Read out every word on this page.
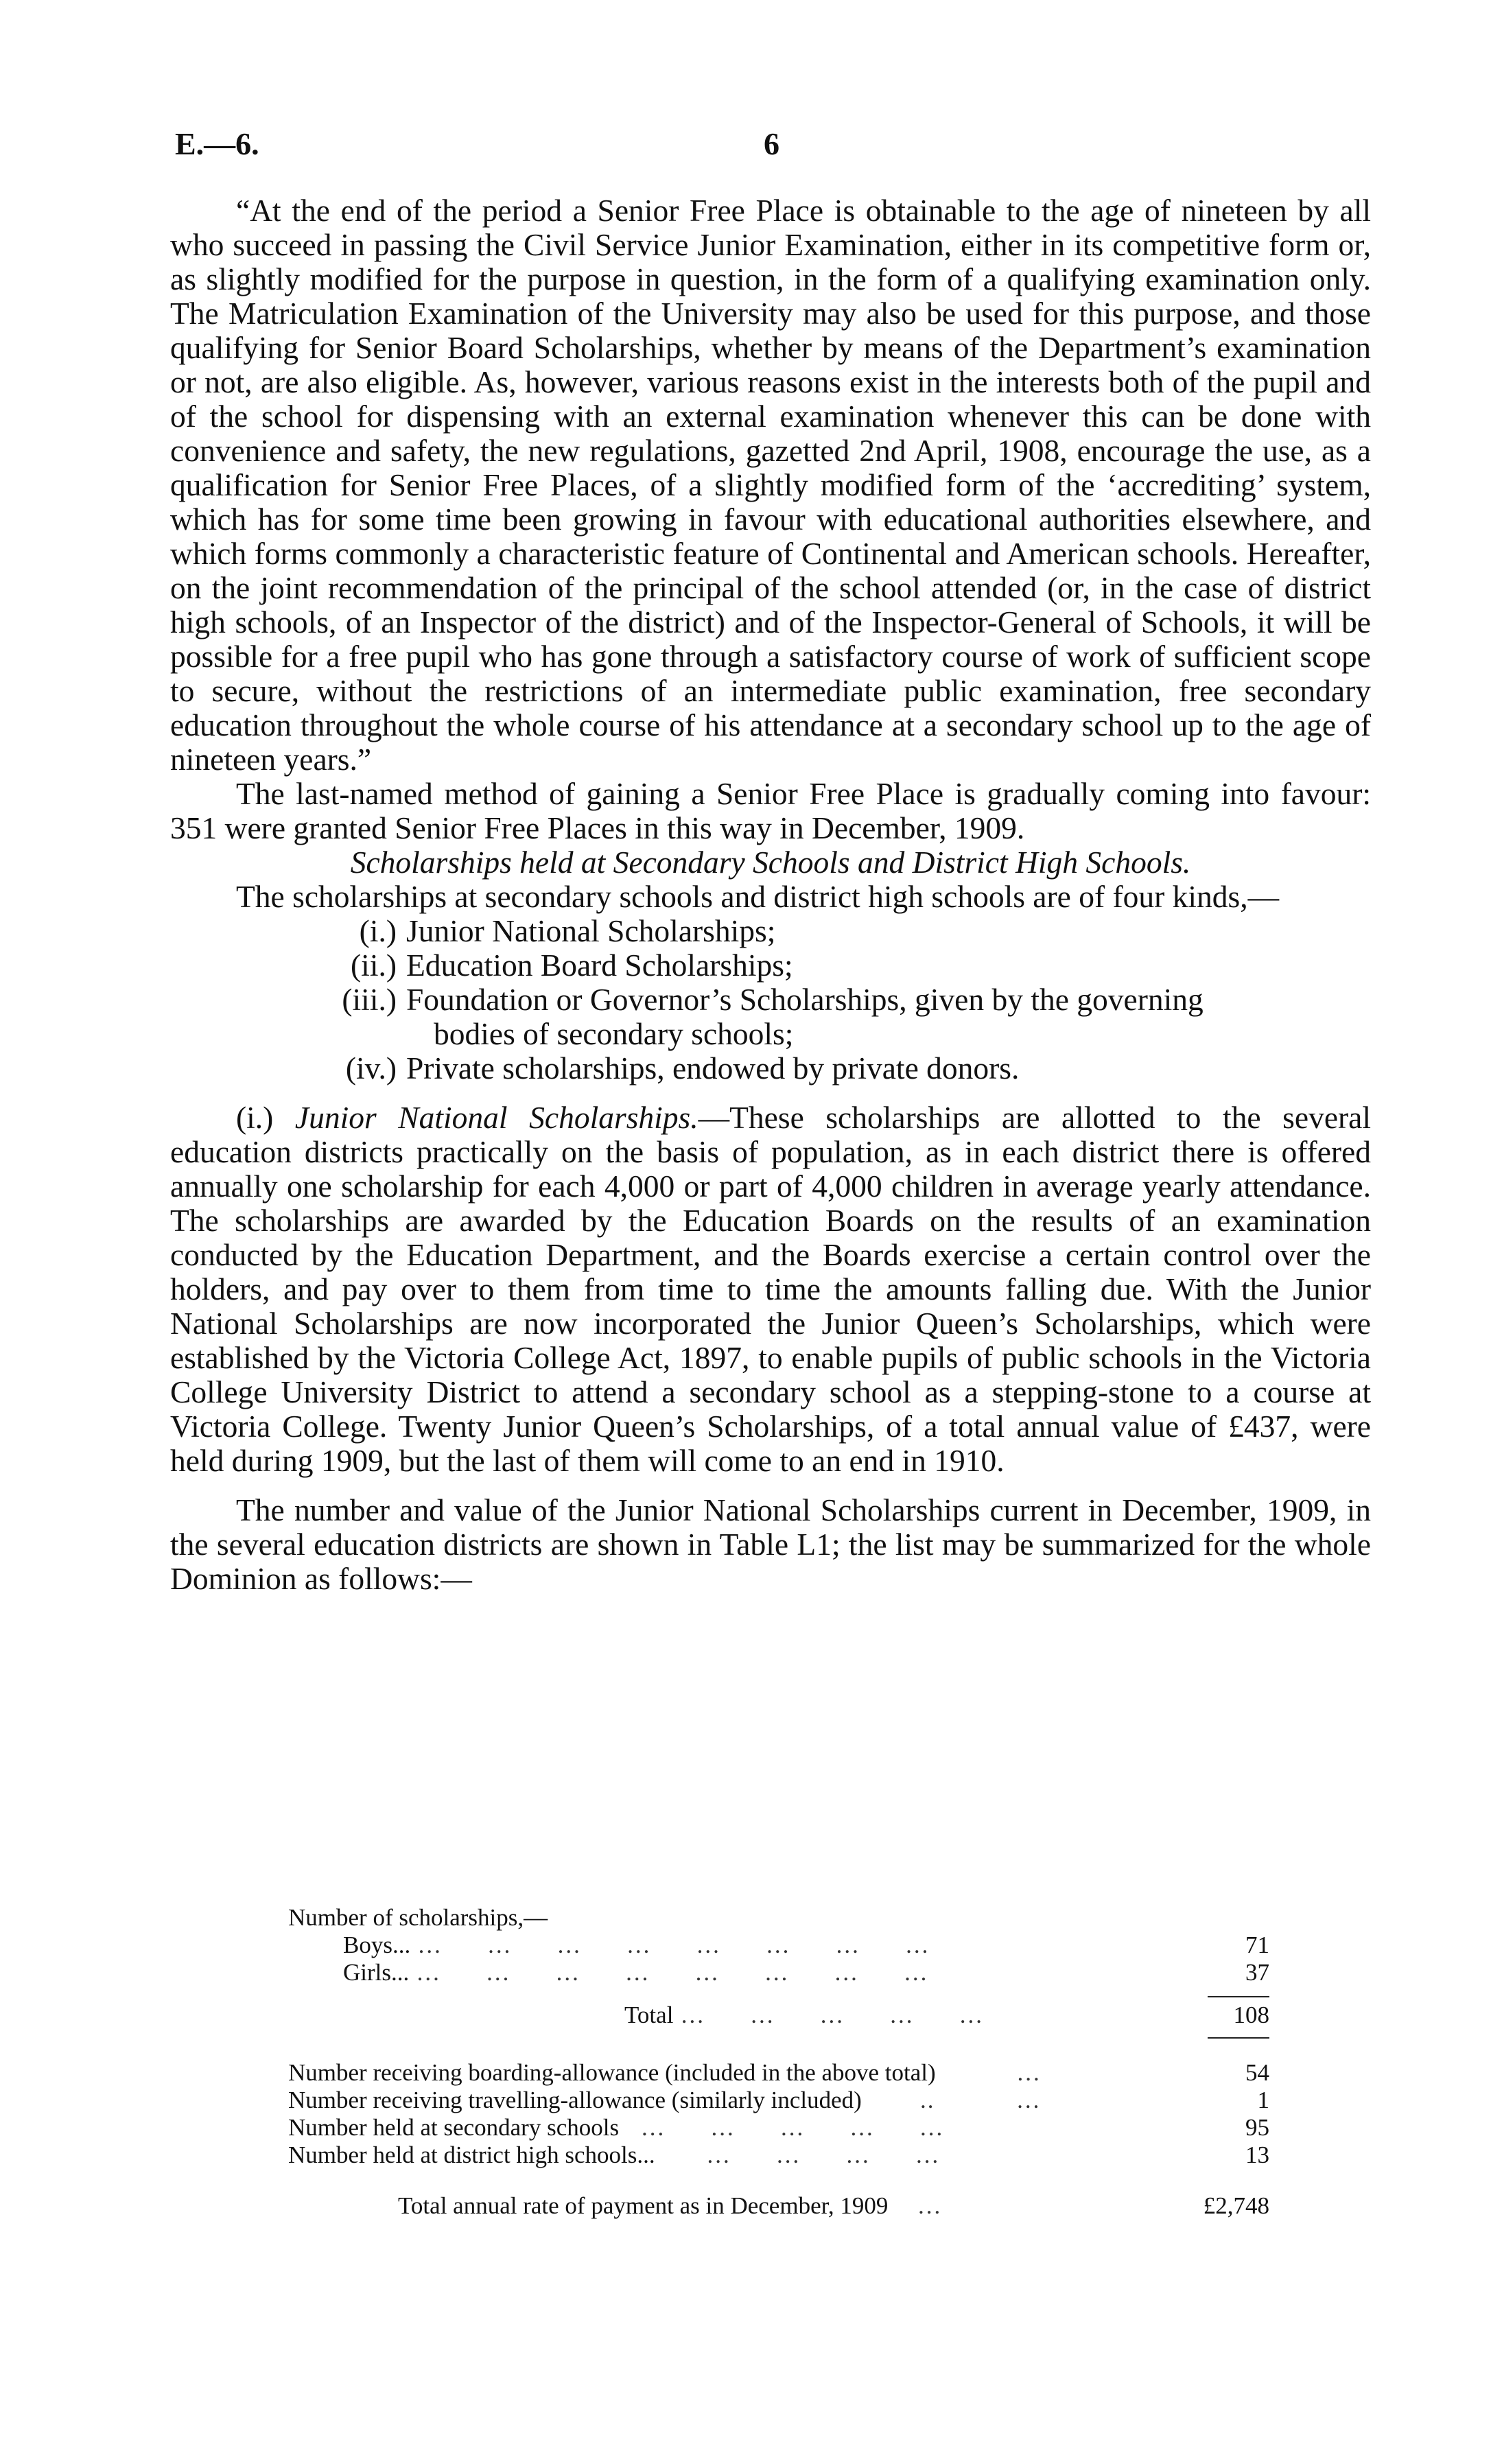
E.—6.	6

“At the end of the period a Senior Free Place is obtainable to the age of nineteen by all who succeed in passing the Civil Service Junior Examination, either in its competitive form or, as slightly modified for the purpose in question, in the form of a qualifying examination only. The Matriculation Examination of the University may also be used for this purpose, and those qualifying for Senior Board Scholarships, whether by means of the Department’s examination or not, are also eligible. As, however, various reasons exist in the interests both of the pupil and of the school for dispensing with an external examination whenever this can be done with convenience and safety, the new regulations, gazetted 2nd April, 1908, encourage the use, as a qualification for Senior Free Places, of a slightly modified form of the ‘accrediting’ system, which has for some time been growing in favour with educational authorities elsewhere, and which forms commonly a characteristic feature of Continental and American schools. Hereafter, on the joint recommendation of the principal of the school attended (or, in the case of district high schools, of an Inspector of the district) and of the Inspector-General of Schools, it will be possible for a free pupil who has gone through a satisfactory course of work of sufficient scope to secure, without the restrictions of an intermediate public examination, free secondary education throughout the whole course of his attendance at a secondary school up to the age of nineteen years.”

The last-named method of gaining a Senior Free Place is gradually coming into favour: 351 were granted Senior Free Places in this way in December, 1909.

Scholarships held at Secondary Schools and District High Schools.

The scholarships at secondary schools and district high schools are of four kinds,—

(i.) Junior National Scholarships;
(ii.) Education Board Scholarships;
(iii.) Foundation or Governor’s Scholarships, given by the governing
bodies of secondary schools;
(iv.) Private scholarships, endowed by private donors.

(i.) Junior National Scholarships.—These scholarships are allotted to the several education districts practically on the basis of population, as in each district there is offered annually one scholarship for each 4,000 or part of 4,000 children in average yearly attendance. The scholarships are awarded by the Education Boards on the results of an examination conducted by the Education Department, and the Boards exercise a certain control over the holders, and pay over to them from time to time the amounts falling due. With the Junior National Scholarships are now incorporated the Junior Queen’s Scholarships, which were established by the Victoria College Act, 1897, to enable pupils of public schools in the Victoria College University District to attend a secondary school as a stepping-stone to a course at Victoria College. Twenty Junior Queen’s Scholarships, of a total annual value of £437, were held during 1909, but the last of them will come to an end in 1910.

The number and value of the Junior National Scholarships current in December, 1909, in the several education districts are shown in Table L1; the list may be summarized for the whole Dominion as follows:—

Number of scholarships,—
Boys... …      …      …      …      …      …      …      …	71
Girls... …      …      …      …      …      …      …      …	37
Total …      …      …      …      …	108
Number receiving boarding-allowance (included in the above total) …	54
Number receiving travelling-allowance (similarly included) ..           …	1
Number held at secondary schools …      …      …      …      …	95
Number held at district high schools... …      …      …      …	13
Total annual rate of payment as in December, 1909 …	£2,748
